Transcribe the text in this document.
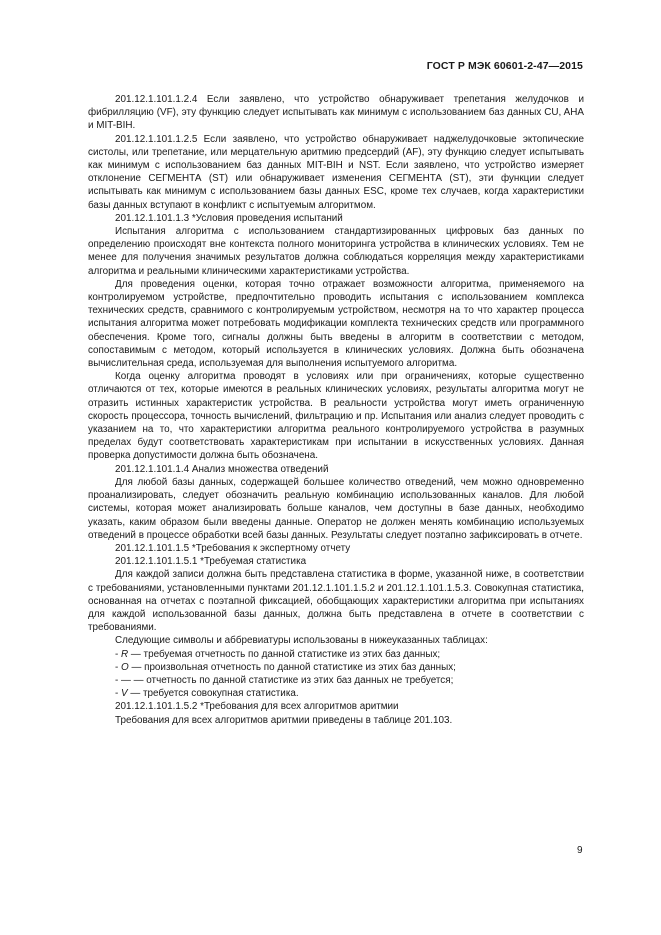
ГОСТ Р МЭК 60601-2-47—2015

201.12.1.101.1.2.4 Если заявлено, что устройство обнаруживает трепетания желудочков и фибрилляцию (VF), эту функцию следует испытывать как минимум с использованием баз данных CU, AHA и MIT-BIH.

201.12.1.101.1.2.5 Если заявлено, что устройство обнаруживает наджелудочковые эктопические систолы, или трепетание, или мерцательную аритмию предсердий (AF), эту функцию следует испытывать как минимум с использованием баз данных MIT-BIH и NST. Если заявлено, что устройство измеряет отклонение СЕГМЕНТА (ST) или обнаруживает изменения СЕГМЕНТА (ST), эти функции следует испытывать как минимум с использованием базы данных ESC, кроме тех случаев, когда характеристики базы данных вступают в конфликт с испытуемым алгоритмом.

201.12.1.101.1.3 *Условия проведения испытаний

Испытания алгоритма с использованием стандартизированных цифровых баз данных по определению происходят вне контекста полного мониторинга устройства в клинических условиях. Тем не менее для получения значимых результатов должна соблюдаться корреляция между характеристиками алгоритма и реальными клиническими характеристиками устройства.

Для проведения оценки, которая точно отражает возможности алгоритма, применяемого на контролируемом устройстве, предпочтительно проводить испытания с использованием комплекса технических средств, сравнимого с контролируемым устройством, несмотря на то что характер процесса испытания алгоритма может потребовать модификации комплекта технических средств или программного обеспечения. Кроме того, сигналы должны быть введены в алгоритм в соответствии с методом, сопоставимым с методом, который используется в клинических условиях. Должна быть обозначена вычислительная среда, используемая для выполнения испытуемого алгоритма.

Когда оценку алгоритма проводят в условиях или при ограничениях, которые существенно отличаются от тех, которые имеются в реальных клинических условиях, результаты алгоритма могут не отразить истинных характеристик устройства. В реальности устройства могут иметь ограниченную скорость процессора, точность вычислений, фильтрацию и пр. Испытания или анализ следует проводить с указанием на то, что характеристики алгоритма реального контролируемого устройства в разумных пределах будут соответствовать характеристикам при испытании в искусственных условиях. Данная проверка допустимости должна быть обозначена.

201.12.1.101.1.4 Анализ множества отведений

Для любой базы данных, содержащей большее количество отведений, чем можно одновременно проанализировать, следует обозначить реальную комбинацию использованных каналов. Для любой системы, которая может анализировать больше каналов, чем доступны в базе данных, необходимо указать, каким образом были введены данные. Оператор не должен менять комбинацию используемых отведений в процессе обработки всей базы данных. Результаты следует поэтапно зафиксировать в отчете.

201.12.1.101.1.5 *Требования к экспертному отчету

201.12.1.101.1.5.1 *Требуемая статистика

Для каждой записи должна быть представлена статистика в форме, указанной ниже, в соответствии с требованиями, установленными пунктами 201.12.1.101.1.5.2 и 201.12.1.101.1.5.3. Совокупная статистика, основанная на отчетах с поэтапной фиксацией, обобщающих характеристики алгоритма при испытаниях для каждой использованной базы данных, должна быть представлена в отчете в соответствии с требованиями.

Следующие символы и аббревиатуры использованы в нижеуказанных таблицах:

- R — требуемая отчетность по данной статистике из этих баз данных;

- O — произвольная отчетность по данной статистике из этих баз данных;

- — — отчетность по данной статистике из этих баз данных не требуется;

- V — требуется совокупная статистика.

201.12.1.101.1.5.2 *Требования для всех алгоритмов аритмии

Требования для всех алгоритмов аритмии приведены в таблице 201.103.

9
